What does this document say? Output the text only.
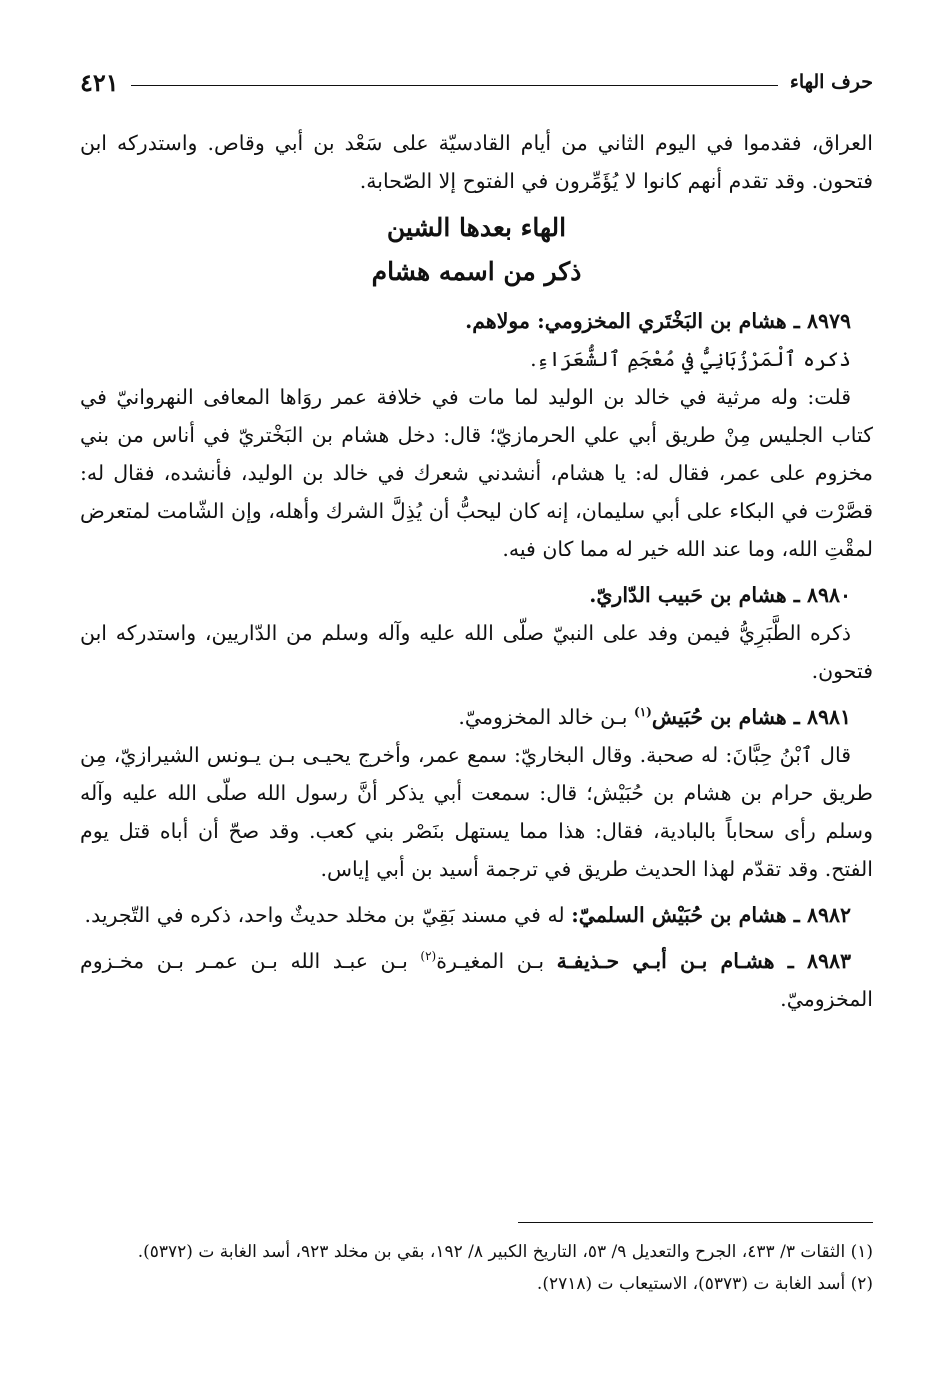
حرف الهاء
٤٢١

العراق، فقدموا في اليوم الثاني من أيام القادسيّة على سَعْد بن أبي وقاص. واستدركه ابن فتحون. وقد تقدم أنهم كانوا لا يُؤَمِّرون في الفتوح إلا الصّحابة.

الهاء بعدها الشين

ذكر من اسمه هشام

٨٩٧٩ ـ هشام بن البَخْتَري المخزومي: مولاهم.

ذكره ٱلْمَرْزُبَانِيُّ في مُعْجَمِ ٱلشُّعَرَاءِ.

قلت: وله مرثية في خالد بن الوليد لما مات في خلافة عمر روَاها المعافى النهروانيّ في كتاب الجليس مِنْ طريق أبي علي الحرمازيّ؛ قال: دخل هشام بن البَخْتريّ في أناس من بني مخزوم على عمر، فقال له: يا هشام، أنشدني شعرك في خالد بن الوليد، فأنشده، فقال له: قصَّرْت في البكاء على أبي سليمان، إنه كان ليحبُّ أن يُذِلَّ الشرك وأهله، وإن الشّامت لمتعرض لمقْتِ الله، وما عند الله خير له مما كان فيه.

٨٩٨٠ ـ هشام بن حَبيب الدّاريّ.

ذكره الطَّبَرِيُّ فيمن وفد على النبيّ صلّى الله عليه وآله وسلم من الدّاريين، واستدركه ابن فتحون.

٨٩٨١ ـ هشام بن حُبَيش$^{(١)}$ بـن خالد المخزوميّ.

قال ٱبْنُ حِبَّانَ: له صحبة. وقال البخاريّ: سمع عمر، وأخرج يحيـى بـن يـونس الشيرازيّ، مِن طريق حرام بن هشام بن حُبَيْش؛ قال: سمعت أبي يذكر أنَّ رسول الله صلّى الله عليه وآله وسلم رأى سحاباً بالبادية، فقال: هذا مما يستهل بنَصْر بني كعب. وقد صحّ أن أباه قتل يوم الفتح. وقد تقدّم لهذا الحديث طريق في ترجمة أسيد بن أبي إياس.

٨٩٨٢ ـ هشام بن حُبَيْش السلميّ: له في مسند بَقِيّ بن مخلد حديثٌ واحد، ذكره في التّجريد.

٨٩٨٣ ـ هشـام بـن أبـي حـذيفـة بـن المغيـرة$^{(٢)}$ بـن عبـد الله بـن عمـر بـن مخـزوم المخزوميّ.

(١) الثقات ٣/ ٤٣٣، الجرح والتعديل ٩/ ٥٣، التاريخ الكبير ٨/ ١٩٢، بقي بن مخلد ٩٢٣، أسد الغابة ت (٥٣٧٢).

(٢) أسد الغابة ت (٥٣٧٣)، الاستيعاب ت (٢٧١٨).
